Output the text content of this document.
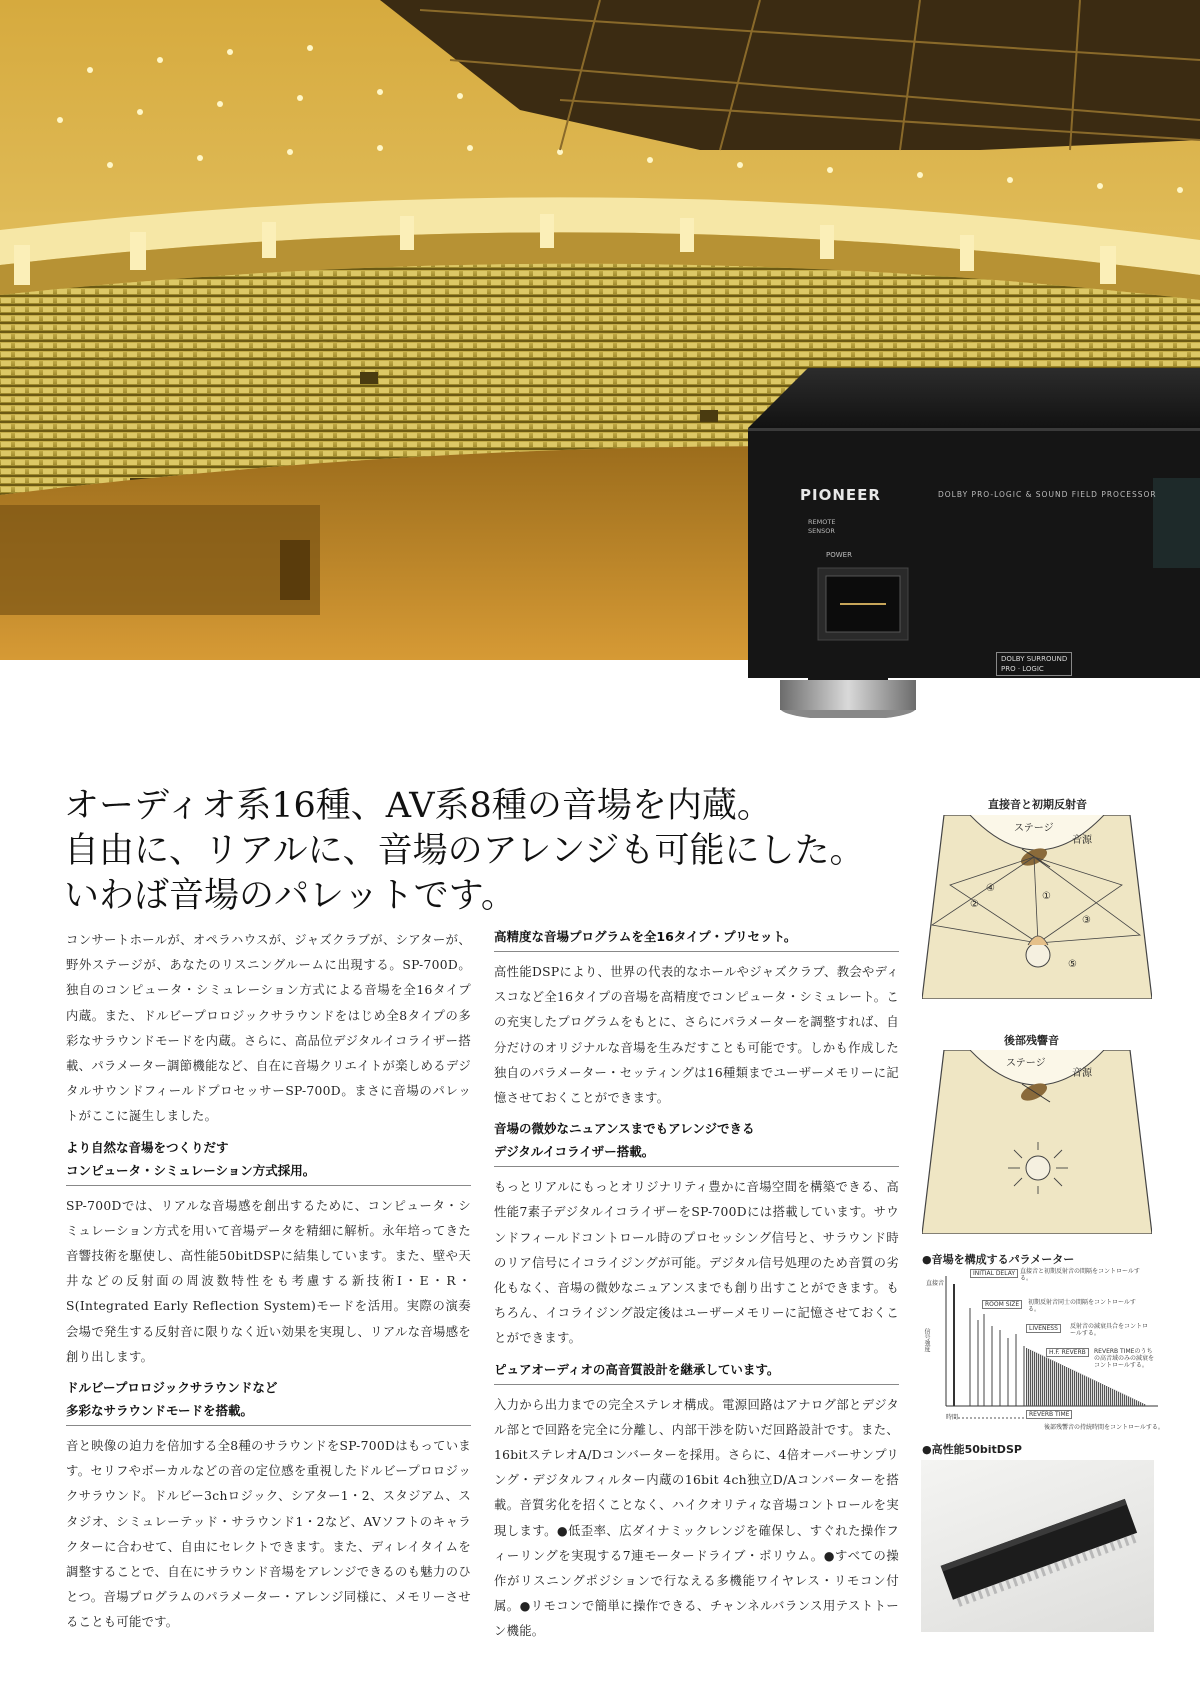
PIONEER	DOLBY PRO-LOGIC & SOUND FIELD PROCESSOR
REMOTE
SENSOR
POWER
DOLBY SURROUND
PRO · LOGIC
オーディオ系16種、AV系8種の音場を内蔵。
自由に、リアルに、音場のアレンジも可能にした。
いわば音場のパレットです。

コンサートホールが、オペラハウスが、ジャズクラブが、シアターが、野外ステージが、あなたのリスニングルームに出現する。SP-700D。独自のコンピュータ・シミュレーション方式による音場を全16タイプ内蔵。また、ドルビープロロジックサラウンドをはじめ全8タイプの多彩なサラウンドモードを内蔵。さらに、高品位デジタルイコライザー搭載、パラメーター調節機能など、自在に音場クリエイトが楽しめるデジタルサウンドフィールドプロセッサーSP-700D。まさに音場のパレットがここに誕生しました。

より自然な音場をつくりだす
コンピュータ・シミュレーション方式採用。

SP-700Dでは、リアルな音場感を創出するために、コンピュータ・シミュレーション方式を用いて音場データを精細に解析。永年培ってきた音響技術を駆使し、高性能50bitDSPに結集しています。また、壁や天井などの反射面の周波数特性をも考慮する新技術I・E・R・S(Integrated Early Reflection System)モードを活用。実際の演奏会場で発生する反射音に限りなく近い効果を実現し、リアルな音場感を創り出します。

ドルビープロロジックサラウンドなど
多彩なサラウンドモードを搭載。

音と映像の迫力を倍加する全8種のサラウンドをSP-700Dはもっています。セリフやボーカルなどの音の定位感を重視したドルビープロロジックサラウンド。ドルビー3chロジック、シアター1・2、スタジアム、スタジオ、シミュレーテッド・サラウンド1・2など、AVソフトのキャラクターに合わせて、自由にセレクトできます。また、ディレイタイムを調整することで、自在にサラウンド音場をアレンジできるのも魅力のひとつ。音場プログラムのパラメーター・アレンジ同様に、メモリーさせることも可能です。

高精度な音場プログラムを全16タイプ・プリセット。

高性能DSPにより、世界の代表的なホールやジャズクラブ、教会やディスコなど全16タイプの音場を高精度でコンピュータ・シミュレート。この充実したプログラムをもとに、さらにパラメーターを調整すれば、自分だけのオリジナルな音場を生みだすことも可能です。しかも作成した独自のパラメーター・セッティングは16種類までユーザーメモリーに記憶させておくことができます。

音場の微妙なニュアンスまでもアレンジできる
デジタルイコライザー搭載。

もっとリアルにもっとオリジナリティ豊かに音場空間を構築できる、高性能7素子デジタルイコライザーをSP-700Dには搭載しています。サウンドフィールドコントロール時のプロセッシング信号と、サラウンド時のリア信号にイコライジングが可能。デジタル信号処理のため音質の劣化もなく、音場の微妙なニュアンスまでも創り出すことができます。もちろん、イコライジング設定後はユーザーメモリーに記憶させておくことができます。

ピュアオーディオの高音質設計を継承しています。

入力から出力までの完全ステレオ構成。電源回路はアナログ部とデジタル部とで回路を完全に分離し、内部干渉を防いだ回路設計です。また、16bitステレオA/Dコンバーターを採用。さらに、4倍オーバーサンプリング・デジタルフィルター内蔵の16bit 4ch独立D/Aコンバーターを搭載。音質劣化を招くことなく、ハイクオリティな音場コントロールを実現します。●低歪率、広ダイナミックレンジを確保し、すぐれた操作フィーリングを実現する7連モータードライブ・ボリウム。●すべての操作がリスニングポジションで行なえる多機能ワイヤレス・リモコン付属。●リモコンで簡単に操作できる、チャンネルバランス用テストトーン機能。

直接音と初期反射音
ステージ
音源
①
②
③
④
⑤
後部残響音
ステージ
音源
●音場を構成するパラメーター
直接音
信号強度
時間
INITIAL DELAY 直接音と初期反射音の間隔をコントロールする。
ROOM SIZE	初期反射音同士の間隔をコントロールする。
LIVENESS	反射音の減衰具合をコントロールする。
H.F. REVERB	REVERB TIMEのうちの高音域のみの減衰をコントロールする。
REVERB TIME
後部残響音の持続時間をコントロールする。
●高性能50bitDSP
